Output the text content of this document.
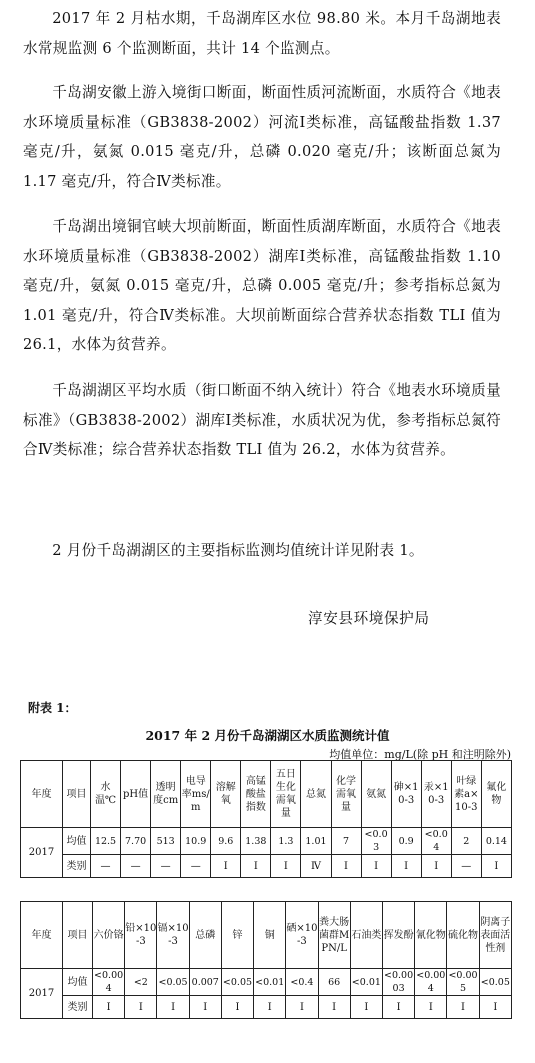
2017 年 2 月枯水期，千岛湖库区水位 98.80 米。本月千岛湖地表水常规监测 6 个监测断面，共计 14 个监测点。

千岛湖安徽上游入境街口断面，断面性质河流断面，水质符合《地表水环境质量标准（GB3838-2002）河流Ⅰ类标准，高锰酸盐指数 1.37 毫克/升，氨氮 0.015 毫克/升，总磷 0.020 毫克/升；该断面总氮为 1.17 毫克/升，符合Ⅳ类标准。

千岛湖出境铜官峡大坝前断面，断面性质湖库断面，水质符合《地表水环境质量标准（GB3838-2002）湖库Ⅰ类标准，高锰酸盐指数 1.10 毫克/升，氨氮 0.015 毫克/升，总磷 0.005 毫克/升；参考指标总氮为 1.01 毫克/升，符合Ⅳ类标准。大坝前断面综合营养状态指数 TLI 值为 26.1，水体为贫营养。

千岛湖湖区平均水质（街口断面不纳入统计）符合《地表水环境质量标准》（GB3838-2002）湖库Ⅰ类标准，水质状况为优，参考指标总氮符合Ⅳ类标准；综合营养状态指数 TLI 值为 26.2，水体为贫营养。

2 月份千岛湖湖区的主要指标监测均值统计详见附表 1。

淳安县环境保护局
附表 1：
2017 年 2 月份千岛湖湖区水质监测统计值
均值单位：mg/L(除 pH 和注明除外)
年度	项目	水温℃	pH值	透明度cm	电导率ms/m	溶解氧	高锰酸盐指数	五日生化需氧量	总氮	化学需氧量	氨氮	砷×10-3	汞×10-3	叶绿素a×10-3	氟化物
2017	均值	12.5	7.70	513	10.9	9.6	1.38	1.3	1.01	7	<0.03	0.9	<0.04	2	0.14
	类别	—	—	—	—	I	I	I	Ⅳ	I	I	I	I	—	I
年度	项目	六价铬	铅×10-3	镉×10-3	总磷	锌	铜	硒×10-3	粪大肠菌群MPN/L	石油类	挥发酚	氰化物	硫化物	阴离子表面活性剂
2017	均值	<0.004	<2	<0.05	0.007	<0.05	<0.01	<0.4	66	<0.01	<0.0003	<0.004	<0.005	<0.05
	类别	I	I	I	I	I	I	I	I	I	I	I	I	I
